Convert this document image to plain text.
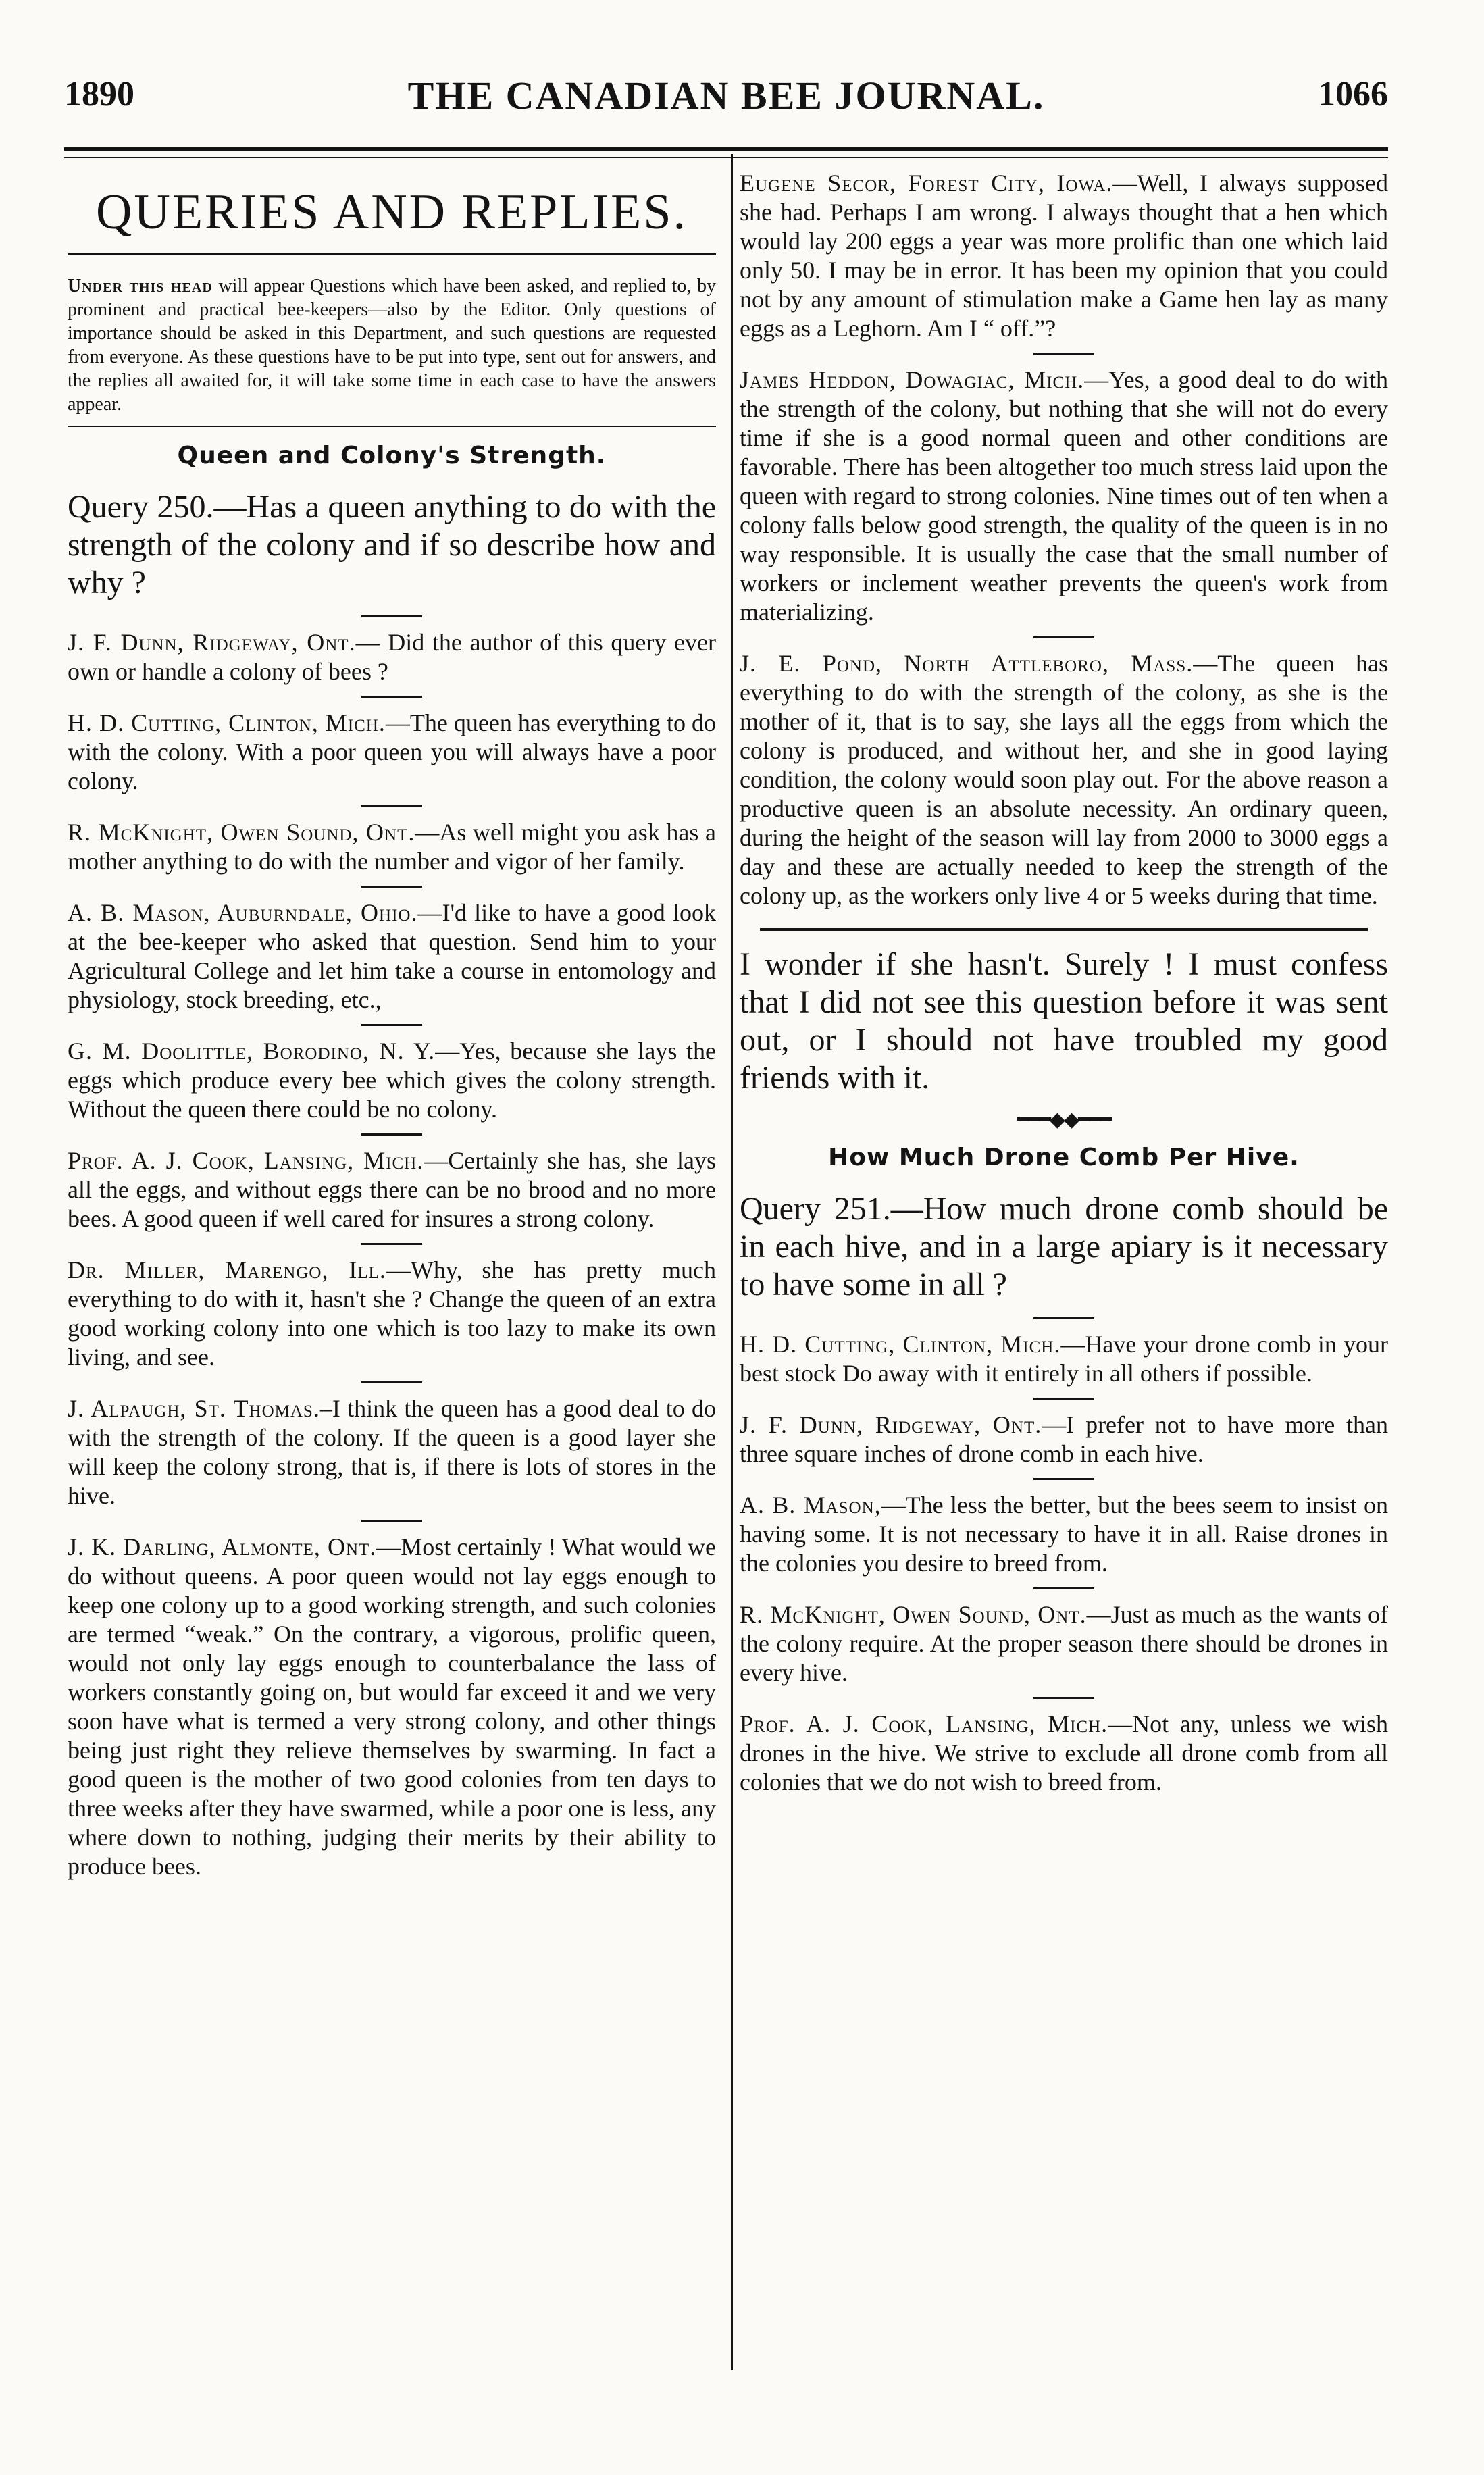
1890	THE CANADIAN BEE JOURNAL.	1066
QUERIES AND REPLIES.

Under this head will appear Questions which have been asked, and replied to, by prominent and practical bee-keepers—also by the Editor. Only questions of importance should be asked in this Department, and such questions are requested from everyone. As these questions have to be put into type, sent out for answers, and the replies all awaited for, it will take some time in each case to have the answers appear.

Queen and Colony's Strength.

Query 250.—Has a queen anything to do with the strength of the colony and if so describe how and why ?

J. F. Dunn, Ridgeway, Ont.— Did the author of this query ever own or handle a colony of bees ?

H. D. Cutting, Clinton, Mich.—The queen has everything to do with the colony. With a poor queen you will always have a poor colony.

R. McKnight, Owen Sound, Ont.—As well might you ask has a mother anything to do with the number and vigor of her family.

A. B. Mason, Auburndale, Ohio.—I'd like to have a good look at the bee-keeper who asked that question. Send him to your Agricultural College and let him take a course in entomology and physiology, stock breeding, etc.,

G. M. Doolittle, Borodino, N. Y.—Yes, because she lays the eggs which produce every bee which gives the colony strength. Without the queen there could be no colony.

Prof. A. J. Cook, Lansing, Mich.—Certainly she has, she lays all the eggs, and without eggs there can be no brood and no more bees. A good queen if well cared for insures a strong colony.

Dr. Miller, Marengo, Ill.—Why, she has pretty much everything to do with it, hasn't she ? Change the queen of an extra good working colony into one which is too lazy to make its own living, and see.

J. Alpaugh, St. Thomas.–I think the queen has a good deal to do with the strength of the colony. If the queen is a good layer she will keep the colony strong, that is, if there is lots of stores in the hive.

J. K. Darling, Almonte, Ont.—Most certainly ! What would we do without queens. A poor queen would not lay eggs enough to keep one colony up to a good working strength, and such colonies are termed “weak.” On the contrary, a vigorous, prolific queen, would not only lay eggs enough to counterbalance the lass of workers constantly going on, but would far exceed it and we very soon have what is termed a very strong colony, and other things being just right they relieve themselves by swarming. In fact a good queen is the mother of two good colonies from ten days to three weeks after they have swarmed, while a poor one is less, any where down to nothing, judging their merits by their ability to produce bees.

Eugene Secor, Forest City, Iowa.—Well, I always supposed she had. Perhaps I am wrong. I always thought that a hen which would lay 200 eggs a year was more prolific than one which laid only 50. I may be in error. It has been my opinion that you could not by any amount of stimulation make a Game hen lay as many eggs as a Leghorn. Am I “ off.”?

James Heddon, Dowagiac, Mich.—Yes, a good deal to do with the strength of the colony, but nothing that she will not do every time if she is a good normal queen and other conditions are favorable. There has been altogether too much stress laid upon the queen with regard to strong colonies. Nine times out of ten when a colony falls below good strength, the quality of the queen is in no way responsible. It is usually the case that the small number of workers or inclement weather prevents the queen's work from materializing.

J. E. Pond, North Attleboro, Mass.—The queen has everything to do with the strength of the colony, as she is the mother of it, that is to say, she lays all the eggs from which the colony is produced, and without her, and she in good laying condition, the colony would soon play out. For the above reason a productive queen is an absolute necessity. An ordinary queen, during the height of the season will lay from 2000 to 3000 eggs a day and these are actually needed to keep the strength of the colony up, as the workers only live 4 or 5 weeks during that time.

I wonder if she hasn't. Surely ! I must confess that I did not see this question before it was sent out, or I should not have troubled my good friends with it.

━━━◆◆━━━
How Much Drone Comb Per Hive.

Query 251.—How much drone comb should be in each hive, and in a large apiary is it necessary to have some in all ?

H. D. Cutting, Clinton, Mich.—Have your drone comb in your best stock Do away with it entirely in all others if possible.

J. F. Dunn, Ridgeway, Ont.—I prefer not to have more than three square inches of drone comb in each hive.

A. B. Mason,—The less the better, but the bees seem to insist on having some. It is not necessary to have it in all. Raise drones in the colonies you desire to breed from.

R. McKnight, Owen Sound, Ont.—Just as much as the wants of the colony require. At the proper season there should be drones in every hive.

Prof. A. J. Cook, Lansing, Mich.—Not any, unless we wish drones in the hive. We strive to exclude all drone comb from all colonies that we do not wish to breed from.
